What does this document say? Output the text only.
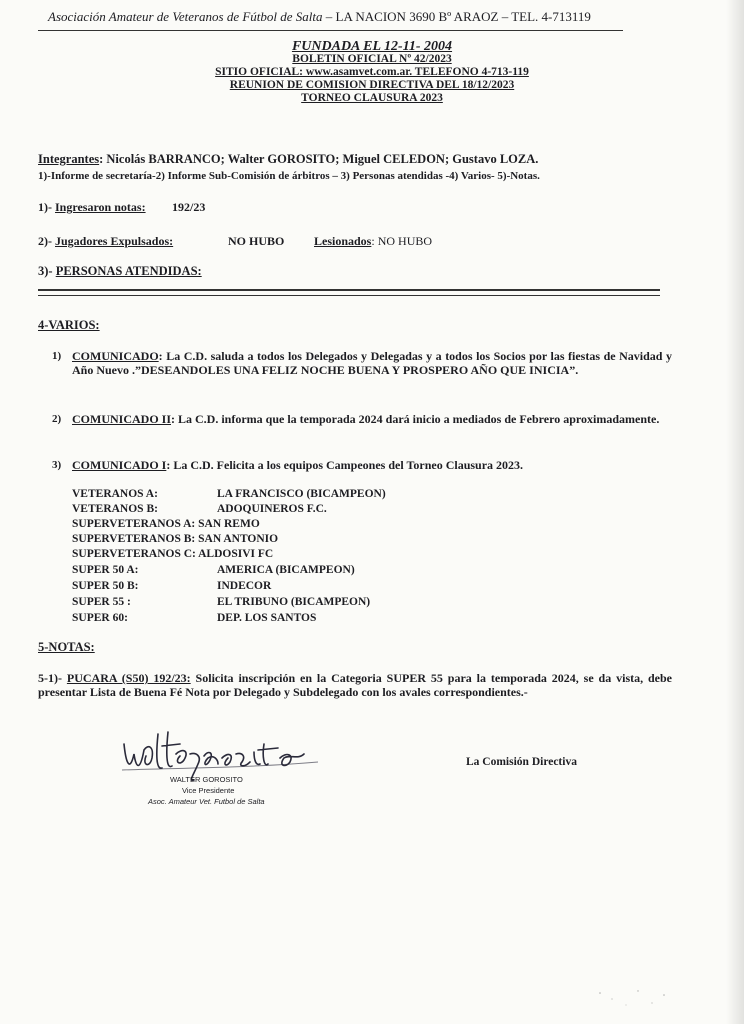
Asociación Amateur de Veteranos de Fútbol de Salta – LA NACION 3690 Bº ARAOZ – TEL. 4-713119
FUNDADA EL 12-11- 2004
BOLETIN OFICIAL Nº 42/2023
SITIO OFICIAL: www.asamvet.com.ar. TELEFONO 4-713-119
REUNION DE COMISION DIRECTIVA DEL 18/12/2023
TORNEO CLAUSURA 2023
Integrantes: Nicolás BARRANCO; Walter GOROSITO; Miguel CELEDON; Gustavo LOZA.
1)-Informe de secretaría-2) Informe Sub-Comisión de árbitros – 3) Personas atendidas -4) Varios- 5)-Notas.
1)- Ingresaron notas: 192/23
2)- Jugadores Expulsados:	NO HUBO Lesionados: NO HUBO
3)- PERSONAS ATENDIDAS:
4-VARIOS:
1) COMUNICADO: La C.D. saluda a todos los Delegados y Delegadas y a todos los Socios por las fiestas de Navidad y Año Nuevo .”DESEANDOLES UNA FELIZ NOCHE BUENA Y PROSPERO AÑO QUE INICIA”.
2) COMUNICADO II: La C.D. informa que la temporada 2024 dará inicio a mediados de Febrero aproximadamente.
3) COMUNICADO I: La C.D. Felicita a los equipos Campeones del Torneo Clausura 2023.
VETERANOS A:	LA FRANCISCO (BICAMPEON)
VETERANOS B:	ADOQUINEROS F.C.
SUPERVETERANOS A: SAN REMO
SUPERVETERANOS B: SAN ANTONIO
SUPERVETERANOS C: ALDOSIVI FC
SUPER 50 A:	AMERICA (BICAMPEON)
SUPER 50 B:	INDECOR
SUPER 55 :	EL TRIBUNO (BICAMPEON)
SUPER 60:	DEP. LOS SANTOS
5-NOTAS:
5-1)- PUCARA (S50) 192/23: Solicita inscripción en la Categoria SUPER 55 para la temporada 2024, se da vista, debe presentar Lista de Buena Fé Nota por Delegado y Subdelegado con los avales correspondientes.-
WALTER GOROSITO
Vice Presidente
Asoc. Amateur Vet. Futbol de Salta
La Comisión Directiva
